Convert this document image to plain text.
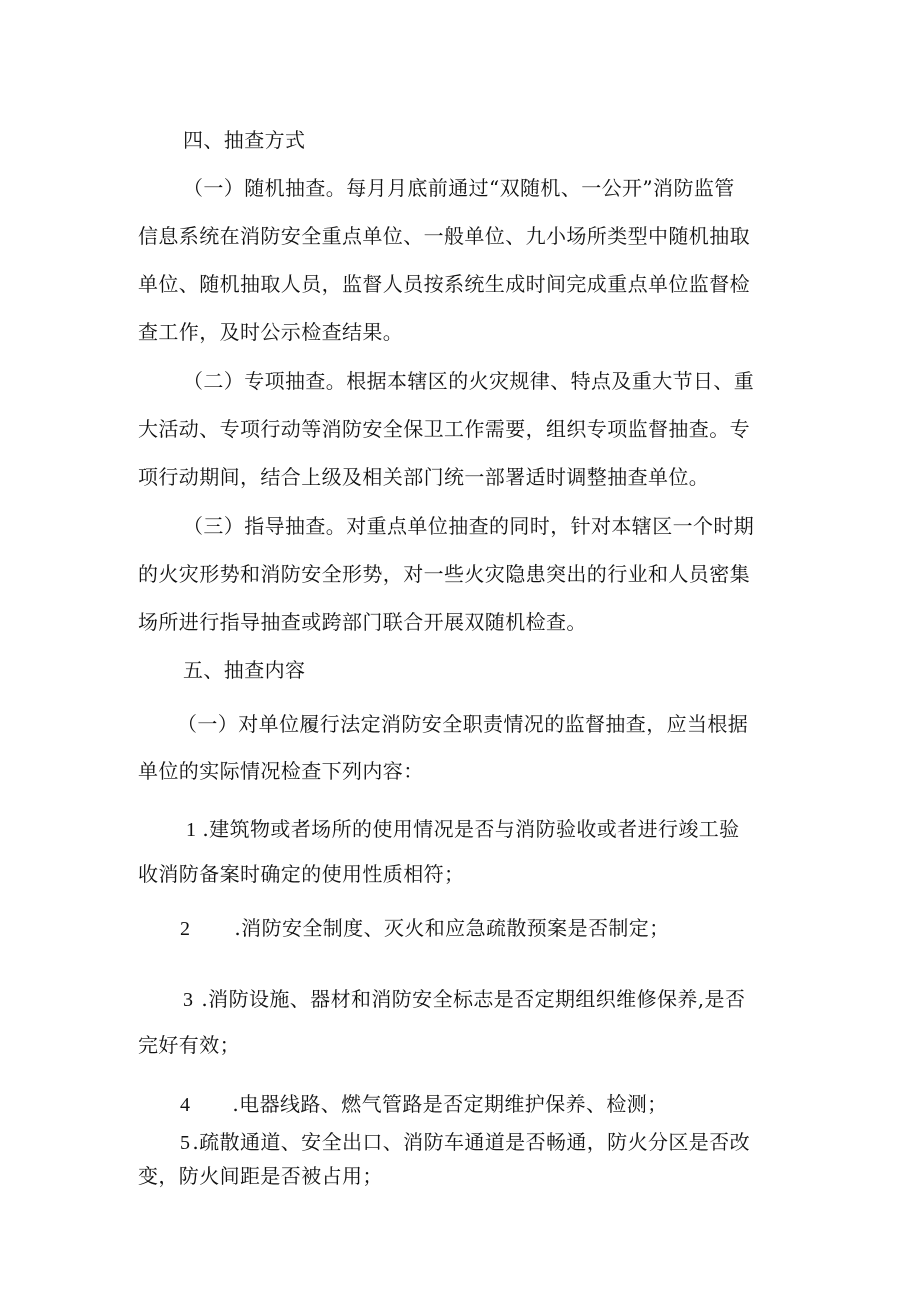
四、抽查方式

（一）随机抽查。每月月底前通过“双随机、一公开”消防监管

信息系统在消防安全重点单位、一般单位、九小场所类型中随机抽取

单位、随机抽取人员，监督人员按系统生成时间完成重点单位监督检

查工作，及时公示检查结果。

（二）专项抽查。根据本辖区的火灾规律、特点及重大节日、重

大活动、专项行动等消防安全保卫工作需要，组织专项监督抽查。专

项行动期间，结合上级及相关部门统一部署适时调整抽查单位。

（三）指导抽查。对重点单位抽查的同时，针对本辖区一个时期

的火灾形势和消防安全形势，对一些火灾隐患突出的行业和人员密集

场所进行指导抽查或跨部门联合开展双随机检查。

五、抽查内容

（一）对单位履行法定消防安全职责情况的监督抽查，应当根据

单位的实际情况检查下列内容：

1 .建筑物或者场所的使用情况是否与消防验收或者进行竣工验

收消防备案时确定的使用性质相符；

2 .消防安全制度、灭火和应急疏散预案是否制定；

3 .消防设施、器材和消防安全标志是否定期组织维修保养,是否

完好有效；

4 .电器线路、燃气管路是否定期维护保养、检测；

5 .疏散通道、安全出口、消防车通道是否畅通，防火分区是否改

变，防火间距是否被占用；
